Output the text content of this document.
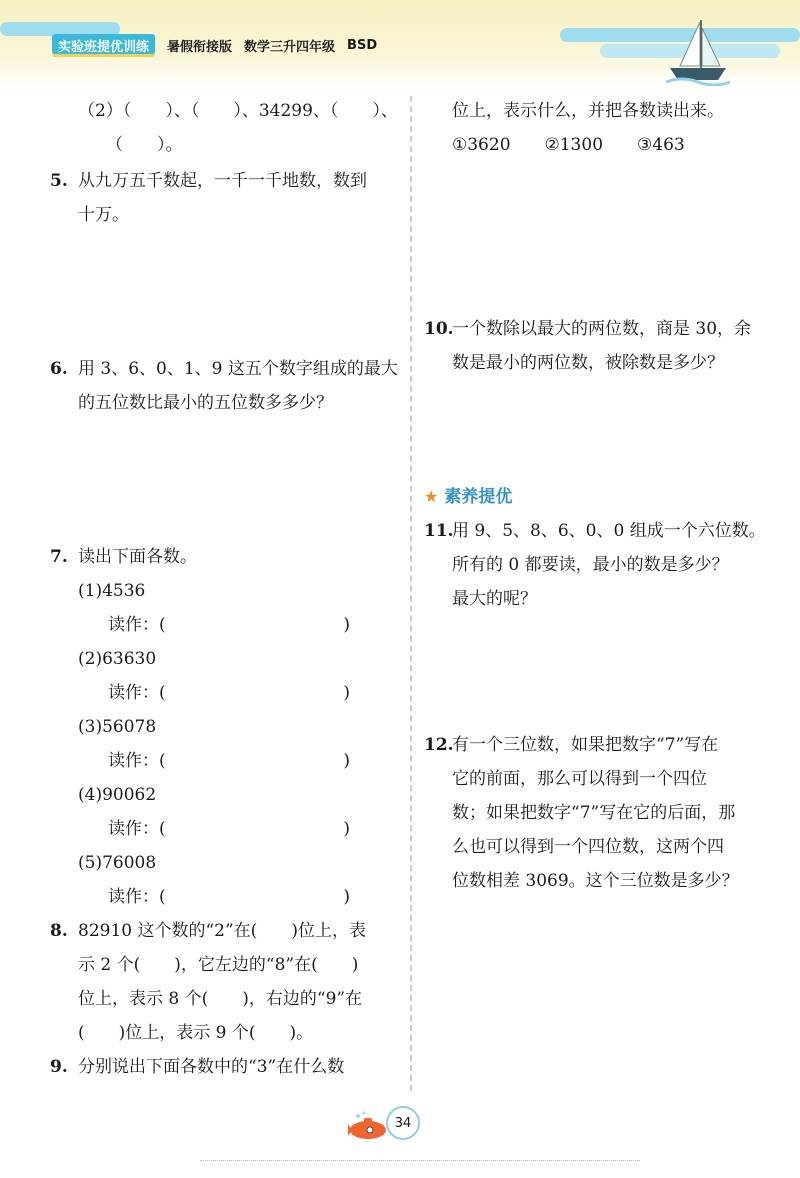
实验班提优训练	暑假衔接版 数学三升四年级 BSD
（2）（　　）、（　　）、34299、（　　）、
（　　）。
5. 从九万五千数起，一千一千地数，数到
十万。
6. 用 3、6、0、1、9 这五个数字组成的最大
的五位数比最小的五位数多多少？
7. 读出下面各数。
(1)4536
读作：(	)
(2)63630
读作：(	)
(3)56078
读作：(	)
(4)90062
读作：(	)
(5)76008
读作：(	)
8. 82910 这个数的“2”在(　　)位上，表
示 2 个(　　)，它左边的“8”在(　　)
位上，表示 8 个(　　)，右边的“9”在
(　　)位上，表示 9 个(　　)。
9. 分别说出下面各数中的“3”在什么数
位上，表示什么，并把各数读出来。
①3620　　②1300　　③463
10.
一个数除以最大的两位数，商是 30，余
数是最小的两位数，被除数是多少？
★ 素养提优
11.
用 9、5、8、6、0、0 组成一个六位数。
所有的 0 都要读，最小的数是多少？
最大的呢？
12.
有一个三位数，如果把数字“7”写在
它的前面，那么可以得到一个四位
数；如果把数字“7”写在它的后面，那
么也可以得到一个四位数，这两个四
位数相差 3069。这个三位数是多少？
34
